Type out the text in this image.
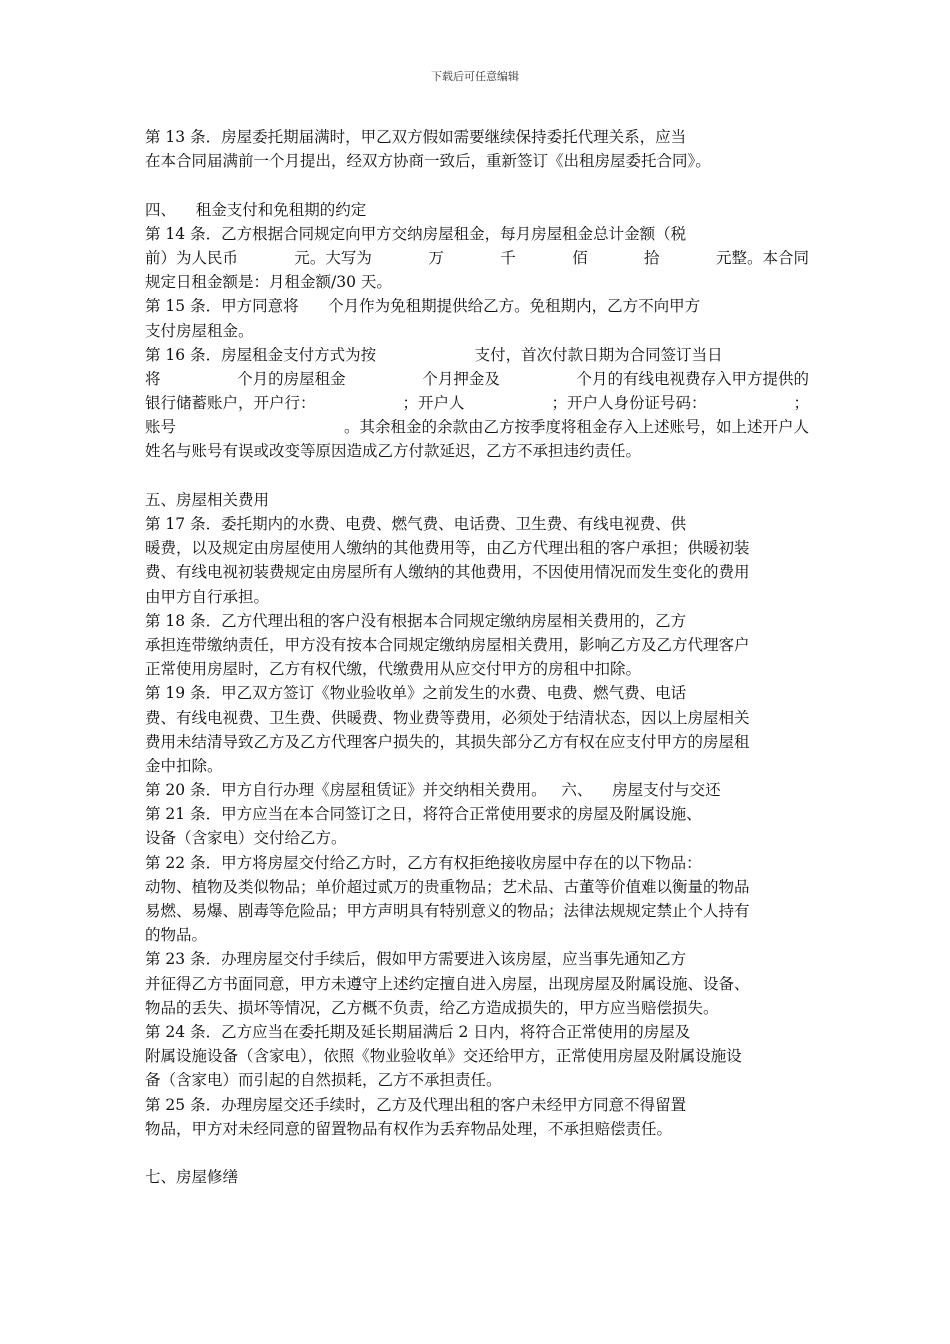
下载后可任意编辑
第 13 条．房屋委托期届满时，甲乙双方假如需要继续保持委托代理关系，应当
在本合同届满前一个月提出，经双方协商一致后，重新签订《出租房屋委托合同》。
四、    租金支付和免租期的约定
第 14 条．乙方根据合同规定向甲方交纳房屋租金，每月房屋租金总计金额（税
前）为人民币	元。大写为	万	千	佰	拾	元整。本合同
规定日租金额是：月租金额/30 天。
第 15 条．甲方同意将      个月作为免租期提供给乙方。免租期内，乙方不向甲方
支付房屋租金。
第 16 条．房屋租金支付方式为按                    支付，首次付款日期为合同签订当日
将	个月的房屋租金	个月押金及	个月的有线电视费存入甲方提供的
银行储蓄账户，开户行：	；开户人	；开户人身份证号码：	；
账号	。其余租金的余款由乙方按季度将租金存入上述账号，如上述开户人
姓名与账号有误或改变等原因造成乙方付款延迟，乙方不承担违约责任。
五、房屋相关费用
第 17 条．委托期内的水费、电费、燃气费、电话费、卫生费、有线电视费、供
暖费，以及规定由房屋使用人缴纳的其他费用等，由乙方代理出租的客户承担；供暖初装
费、有线电视初装费规定由房屋所有人缴纳的其他费用，不因使用情况而发生变化的费用
由甲方自行承担。
第 18 条．乙方代理出租的客户没有根据本合同规定缴纳房屋相关费用的，乙方
承担连带缴纳责任，甲方没有按本合同规定缴纳房屋相关费用，影响乙方及乙方代理客户
正常使用房屋时，乙方有权代缴，代缴费用从应交付甲方的房租中扣除。
第 19 条．甲乙双方签订《物业验收单》之前发生的水费、电费、燃气费、电话
费、有线电视费、卫生费、供暖费、物业费等费用，必须处于结清状态，因以上房屋相关
费用未结清导致乙方及乙方代理客户损失的，其损失部分乙方有权在应支付甲方的房屋租
金中扣除。
第 20 条．甲方自行办理《房屋租赁证》并交纳相关费用。   六、    房屋支付与交还
第 21 条．甲方应当在本合同签订之日，将符合正常使用要求的房屋及附属设施、
设备（含家电）交付给乙方。
第 22 条．甲方将房屋交付给乙方时，乙方有权拒绝接收房屋中存在的以下物品：
动物、植物及类似物品；单价超过贰万的贵重物品；艺术品、古董等价值难以衡量的物品
易燃、易爆、剧毒等危险品；甲方声明具有特别意义的物品；法律法规规定禁止个人持有
的物品。
第 23 条．办理房屋交付手续后，假如甲方需要进入该房屋，应当事先通知乙方
并征得乙方书面同意，甲方未遵守上述约定擅自进入房屋，出现房屋及附属设施、设备、
物品的丢失、损坏等情况，乙方概不负责，给乙方造成损失的，甲方应当赔偿损失。
第 24 条．乙方应当在委托期及延长期届满后 2 日内，将符合正常使用的房屋及
附属设施设备（含家电），依照《物业验收单》交还给甲方，正常使用房屋及附属设施设
备（含家电）而引起的自然损耗，乙方不承担责任。
第 25 条．办理房屋交还手续时，乙方及代理出租的客户未经甲方同意不得留置
物品，甲方对未经同意的留置物品有权作为丢弃物品处理，不承担赔偿责任。
七、房屋修缮
